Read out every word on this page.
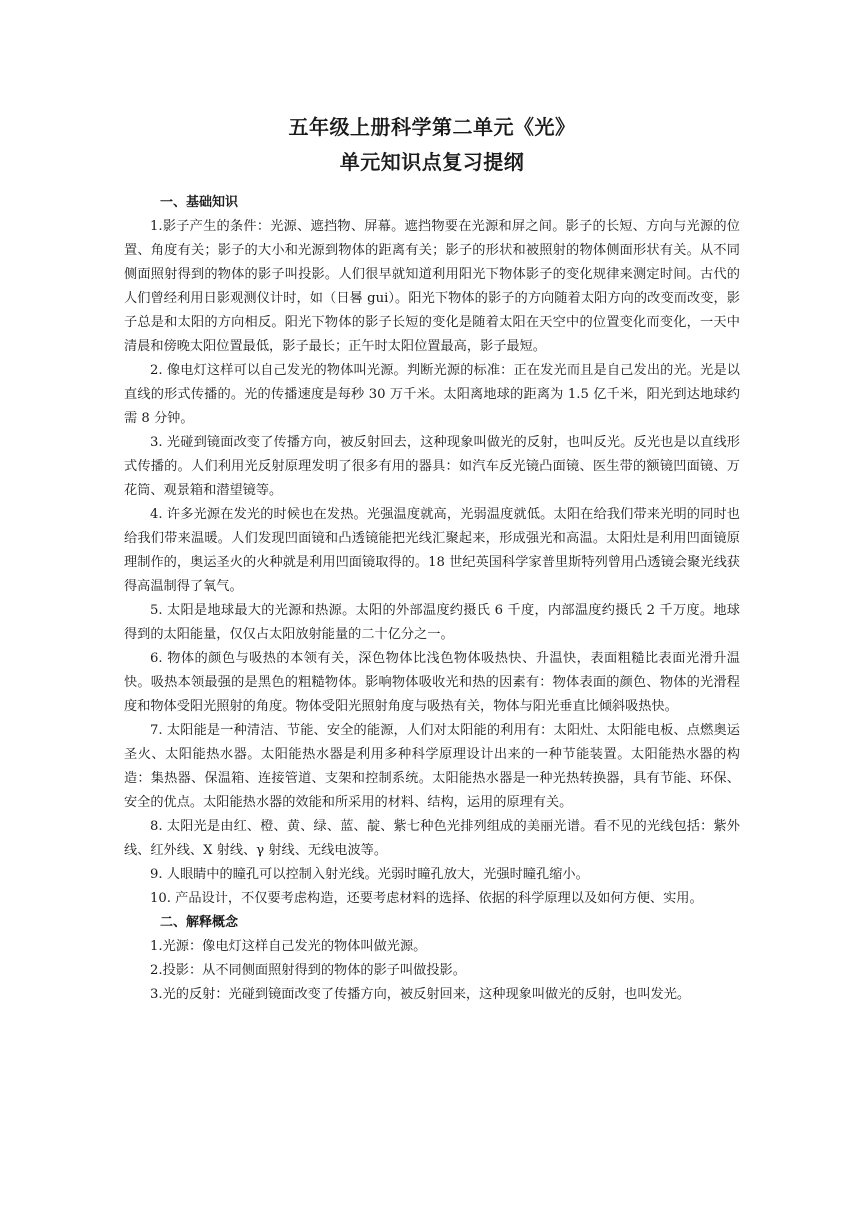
五年级上册科学第二单元《光》
单元知识点复习提纲
一、基础知识

1.影子产生的条件：光源、遮挡物、屏幕。遮挡物要在光源和屏之间。影子的长短、方向与光源的位置、角度有关；影子的大小和光源到物体的距离有关；影子的形状和被照射的物体侧面形状有关。从不同侧面照射得到的物体的影子叫投影。人们很早就知道利用阳光下物体影子的变化规律来测定时间。古代的人们曾经利用日影观测仪计时，如（日晷 gui）。阳光下物体的影子的方向随着太阳方向的改变而改变，影子总是和太阳的方向相反。阳光下物体的影子长短的变化是随着太阳在天空中的位置变化而变化，一天中清晨和傍晚太阳位置最低，影子最长；正午时太阳位置最高，影子最短。

2. 像电灯这样可以自己发光的物体叫光源。判断光源的标准：正在发光而且是自己发出的光。光是以直线的形式传播的。光的传播速度是每秒 30 万千米。太阳离地球的距离为 1.5 亿千米，阳光到达地球约需 8 分钟。

3. 光碰到镜面改变了传播方向，被反射回去，这种现象叫做光的反射，也叫反光。反光也是以直线形式传播的。人们利用光反射原理发明了很多有用的器具：如汽车反光镜凸面镜、医生带的额镜凹面镜、万花筒、观景箱和潜望镜等。

4. 许多光源在发光的时候也在发热。光强温度就高，光弱温度就低。太阳在给我们带来光明的同时也给我们带来温暖。人们发现凹面镜和凸透镜能把光线汇聚起来，形成强光和高温。太阳灶是利用凹面镜原理制作的，奥运圣火的火种就是利用凹面镜取得的。18 世纪英国科学家普里斯特列曾用凸透镜会聚光线获得高温制得了氧气。

5. 太阳是地球最大的光源和热源。太阳的外部温度约摄氏 6 千度，内部温度约摄氏 2 千万度。地球得到的太阳能量，仅仅占太阳放射能量的二十亿分之一。

6. 物体的颜色与吸热的本领有关，深色物体比浅色物体吸热快、升温快，表面粗糙比表面光滑升温快。吸热本领最强的是黑色的粗糙物体。影响物体吸收光和热的因素有：物体表面的颜色、物体的光滑程度和物体受阳光照射的角度。物体受阳光照射角度与吸热有关，物体与阳光垂直比倾斜吸热快。

7. 太阳能是一种清洁、节能、安全的能源，人们对太阳能的利用有：太阳灶、太阳能电板、点燃奥运圣火、太阳能热水器。太阳能热水器是利用多种科学原理设计出来的一种节能装置。太阳能热水器的构造：集热器、保温箱、连接管道、支架和控制系统。太阳能热水器是一种光热转换器，具有节能、环保、安全的优点。太阳能热水器的效能和所采用的材料、结构，运用的原理有关。

8. 太阳光是由红、橙、黄、绿、蓝、靛、紫七种色光排列组成的美丽光谱。看不见的光线包括：紫外线、红外线、X 射线、γ 射线、无线电波等。

9. 人眼睛中的瞳孔可以控制入射光线。光弱时瞳孔放大，光强时瞳孔缩小。

10. 产品设计，不仅要考虑构造，还要考虑材料的选择、依据的科学原理以及如何方便、实用。

二、解释概念

1.光源：像电灯这样自己发光的物体叫做光源。

2.投影：从不同侧面照射得到的物体的影子叫做投影。

3.光的反射：光碰到镜面改变了传播方向，被反射回来，这种现象叫做光的反射，也叫发光。
